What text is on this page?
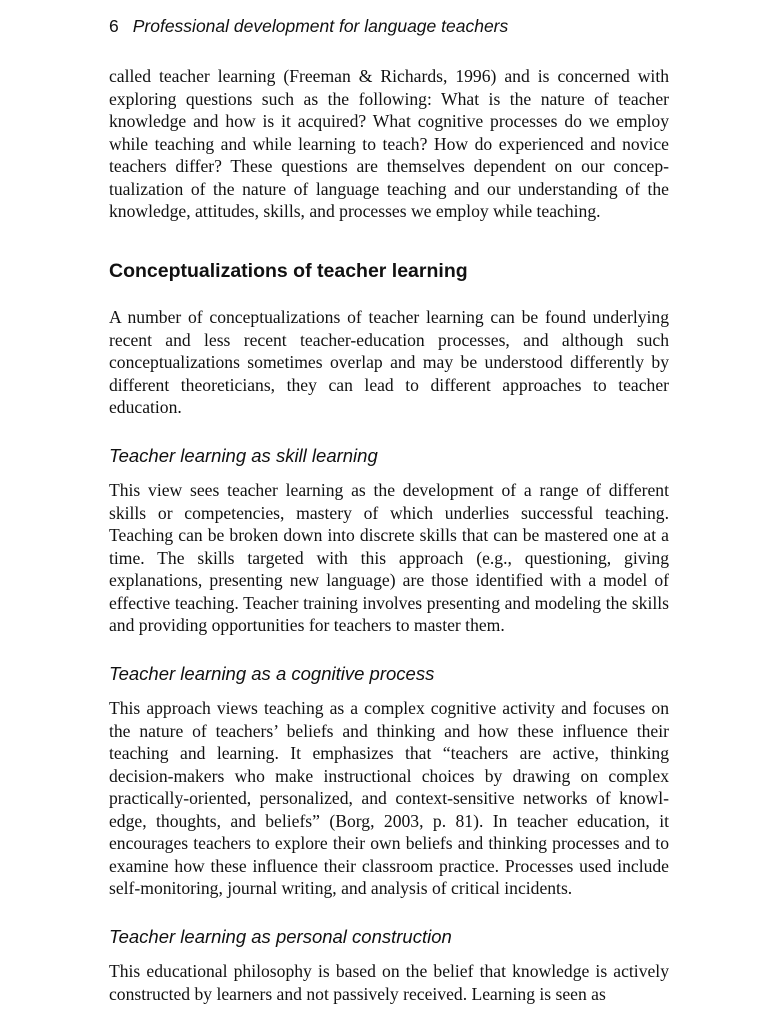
6 Professional development for language teachers

called teacher learning (Freeman & Richards, 1996) and is concerned with exploring questions such as the following: What is the nature of teacher knowledge and how is it acquired? What cognitive processes do we employ while teaching and while learning to teach? How do experienced and novice teachers differ? These questions are themselves dependent on our conceptualization of the nature of language teaching and our understanding of the knowledge, attitudes, skills, and processes we employ while teaching.

Conceptualizations of teacher learning

A number of conceptualizations of teacher learning can be found underlying recent and less recent teacher-education processes, and although such conceptualizations sometimes overlap and may be understood differently by different theoreticians, they can lead to different approaches to teacher education.

Teacher learning as skill learning

This view sees teacher learning as the development of a range of different skills or competencies, mastery of which underlies successful teaching. Teaching can be broken down into discrete skills that can be mastered one at a time. The skills targeted with this approach (e.g., questioning, giving explanations, presenting new language) are those identified with a model of effective teaching. Teacher training involves presenting and modeling the skills and providing opportunities for teachers to master them.

Teacher learning as a cognitive process

This approach views teaching as a complex cognitive activity and focuses on the nature of teachers’ beliefs and thinking and how these influence their teaching and learning. It emphasizes that “teachers are active, thinking decision-makers who make instructional choices by drawing on complex practically-oriented, personalized, and context-sensitive networks of knowledge, thoughts, and beliefs” (Borg, 2003, p. 81). In teacher education, it encourages teachers to explore their own beliefs and thinking processes and to examine how these influence their classroom practice. Processes used include self-monitoring, journal writing, and analysis of critical incidents.

Teacher learning as personal construction

This educational philosophy is based on the belief that knowledge is actively constructed by learners and not passively received. Learning is seen as
